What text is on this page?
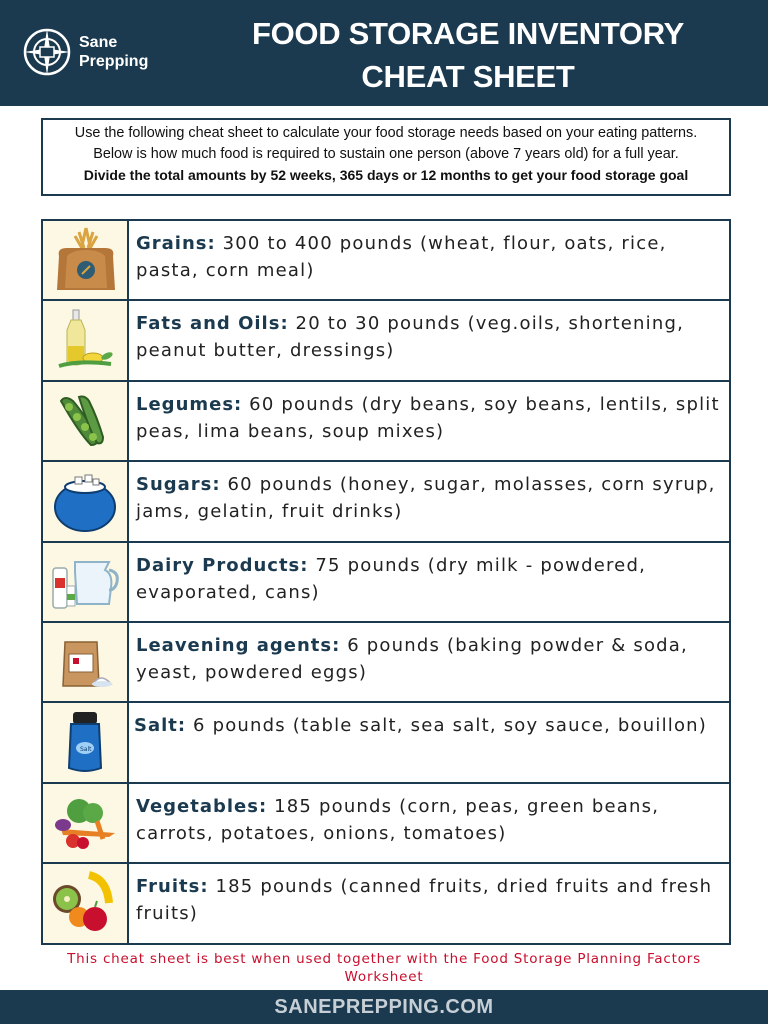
Sane
Prepping
FOOD STORAGE INVENTORY
CHEAT SHEET
Use the following cheat sheet to calculate your food storage needs based on your eating patterns.
Below is how much food is required to sustain one person (above 7 years old) for a full year.
Divide the total amounts by 52 weeks, 365 days or 12 months to get your food storage goal
Grains: 300 to 400 pounds (wheat, flour, oats, rice, pasta, corn meal)
Fats and Oils: 20 to 30 pounds (veg.oils, shortening, peanut butter, dressings)
Legumes: 60 pounds (dry beans, soy beans, lentils, split peas, lima beans, soup mixes)
Sugars: 60 pounds (honey, sugar, molasses, corn syrup, jams, gelatin, fruit drinks)
Dairy Products: 75 pounds (dry milk - powdered, evaporated, cans)
Leavening agents: 6 pounds (baking powder & soda, yeast, powdered eggs)
Salt
Salt: 6 pounds (table salt, sea salt, soy sauce, bouillon)
Vegetables: 185 pounds (corn, peas, green beans, carrots, potatoes, onions, tomatoes)
Fruits: 185 pounds (canned fruits, dried fruits and fresh fruits)
This cheat sheet is best when used together with the Food Storage Planning Factors Worksheet
SANEPREPPING.COM
